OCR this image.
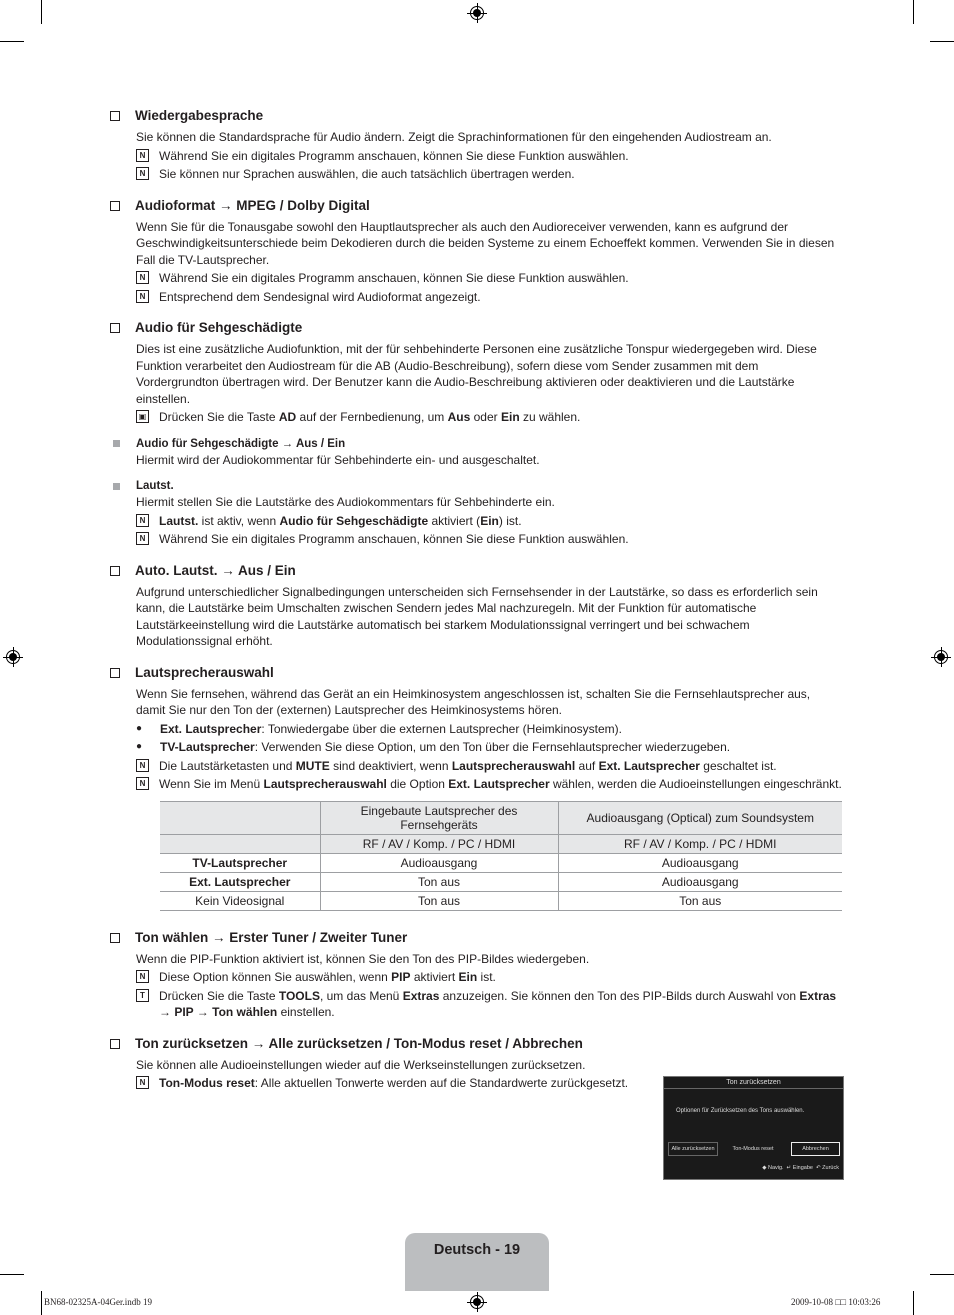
Wiedergabesprache
Sie können die Standardsprache für Audio ändern. Zeigt die Sprachinformationen für den eingehenden Audiostream an.
N	Während Sie ein digitales Programm anschauen, können Sie diese Funktion auswählen.
N	Sie können nur Sprachen auswählen, die auch tatsächlich übertragen werden.
Audioformat → MPEG / Dolby Digital
Wenn Sie für die Tonausgabe sowohl den Hauptlautsprecher als auch den Audioreceiver verwenden, kann es aufgrund der Geschwindigkeitsunterschiede beim Dekodieren durch die beiden Systeme zu einem Echoeffekt kommen. Verwenden Sie in diesen Fall die TV-Lautsprecher.
N	Während Sie ein digitales Programm anschauen, können Sie diese Funktion auswählen.
N	Entsprechend dem Sendesignal wird Audioformat angezeigt.
Audio für Sehgeschädigte
Dies ist eine zusätzliche Audiofunktion, mit der für sehbehinderte Personen eine zusätzliche Tonspur wiedergegeben wird. Diese Funktion verarbeitet den Audiostream für die AB (Audio-Beschreibung), sofern diese vom Sender zusammen mit dem Vordergrundton übertragen wird. Der Benutzer kann die Audio-Beschreibung aktivieren oder deaktivieren und die Lautstärke einstellen.
▣ Drücken Sie die Taste AD auf der Fernbedienung, um Aus oder Ein zu wählen.
Audio für Sehgeschädigte → Aus / Ein
Hiermit wird der Audiokommentar für Sehbehinderte ein- und ausgeschaltet.
Lautst.
Hiermit stellen Sie die Lautstärke des Audiokommentars für Sehbehinderte ein.
N	Lautst. ist aktiv, wenn Audio für Sehgeschädigte aktiviert (Ein) ist.
N	Während Sie ein digitales Programm anschauen, können Sie diese Funktion auswählen.
Auto. Lautst. → Aus / Ein
Aufgrund unterschiedlicher Signalbedingungen unterscheiden sich Fernsehsender in der Lautstärke, so dass es erforderlich sein kann, die Lautstärke beim Umschalten zwischen Sendern jedes Mal nachzuregeln. Mit der Funktion für automatische Lautstärkeeinstellung wird die Lautstärke automatisch bei starkem Modulationssignal verringert und bei schwachem Modulationssignal erhöht.
Lautsprecherauswahl
Wenn Sie fernsehen, während das Gerät an ein Heimkinosystem angeschlossen ist, schalten Sie die Fernsehlautsprecher aus, damit Sie nur den Ton der (externen) Lautsprecher des Heimkinosystems hören.
●	Ext. Lautsprecher: Tonwiedergabe über die externen Lautsprecher (Heimkinosystem).
●	TV-Lautsprecher: Verwenden Sie diese Option, um den Ton über die Fernsehlautsprecher wiederzugeben.
N	Die Lautstärketasten und MUTE sind deaktiviert, wenn Lautsprecherauswahl auf Ext. Lautsprecher geschaltet ist.
N	Wenn Sie im Menü Lautsprecherauswahl die Option Ext. Lautsprecher wählen, werden die Audioeinstellungen eingeschränkt.
	Eingebaute Lautsprecher des Fernsehgeräts	Audioausgang (Optical) zum Soundsystem
	RF / AV / Komp. / PC / HDMI	RF / AV / Komp. / PC / HDMI
TV-Lautsprecher	Audioausgang	Audioausgang
Ext. Lautsprecher	Ton aus	Audioausgang
Kein Videosignal	Ton aus	Ton aus
Ton wählen → Erster Tuner / Zweiter Tuner
Wenn die PIP-Funktion aktiviert ist, können Sie den Ton des PIP-Bildes wiedergeben.
N	Diese Option können Sie auswählen, wenn PIP aktiviert Ein ist.
T	Drücken Sie die Taste TOOLS, um das Menü Extras anzuzeigen. Sie können den Ton des PIP-Bilds durch Auswahl von Extras → PIP → Ton wählen einstellen.
Ton zurücksetzen → Alle zurücksetzen / Ton-Modus reset / Abbrechen
Sie können alle Audioeinstellungen wieder auf die Werkseinstellungen zurücksetzen.
N	Ton-Modus reset: Alle aktuellen Tonwerte werden auf die Standardwerte zurückgesetzt.	Ton zurücksetzen
Optionen für Zurücksetzen des Tons auswählen.
Alle zurücksetzen	Ton-Modus reset	Abbrechen
◆ Navig. ↵ Eingabe ↶ Zurück
Deutsch - 19
BN68-02325A-04Ger.indb 19	2009-10-08 □□ 10:03:26
